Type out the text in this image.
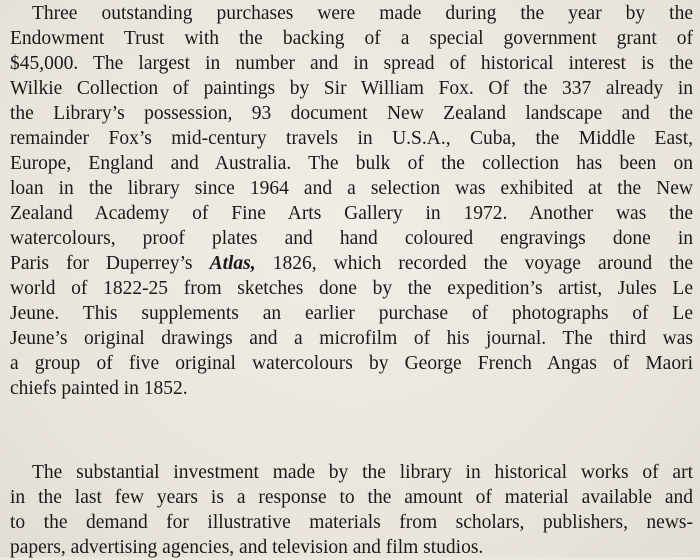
Three outstanding purchases were made during the year by the
Endowment Trust with the backing of a special government grant of
$45,000. The largest in number and in spread of historical interest is the
Wilkie Collection of paintings by Sir William Fox. Of the 337 already in
the Library’s possession, 93 document New Zealand landscape and the
remainder Fox’s mid-century travels in U.S.A., Cuba, the Middle East,
Europe, England and Australia. The bulk of the collection has been on
loan in the library since 1964 and a selection was exhibited at the New
Zealand Academy of Fine Arts Gallery in 1972. Another was the
watercolours, proof plates and hand coloured engravings done in
Paris for Duperrey’s Atlas, 1826, which recorded the voyage around the
world of 1822-25 from sketches done by the expedition’s artist, Jules Le
Jeune. This supplements an earlier purchase of photographs of Le
Jeune’s original drawings and a microfilm of his journal. The third was
a group of five original watercolours by George French Angas of Maori
chiefs painted in 1852.
The substantial investment made by the library in historical works of art
in the last few years is a response to the amount of material available and
to the demand for illustrative materials from scholars, publishers, news-
papers, advertising agencies, and television and film studios.
